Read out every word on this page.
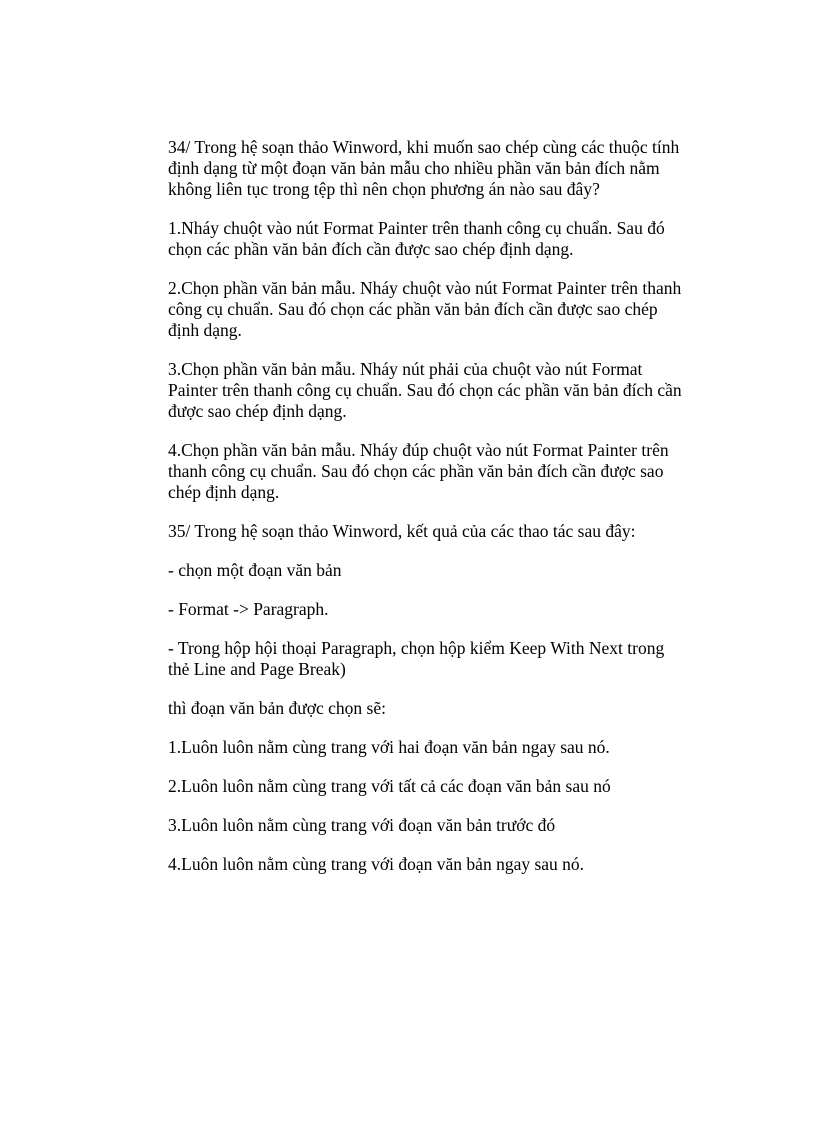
34/ Trong hệ soạn thảo Winword, khi muốn sao chép cùng các thuộc tính định dạng từ một đoạn văn bản mẫu cho nhiều phần văn bản đích nằm không liên tục trong tệp thì nên chọn phương án nào sau đây?

1.Nháy chuột vào nút Format Painter trên thanh công cụ chuẩn. Sau đó chọn các phần văn bản đích cần được sao chép định dạng.

2.Chọn phần văn bản mẫu. Nháy chuột vào nút Format Painter trên thanh công cụ chuẩn. Sau đó chọn các phần văn bản đích cần được sao chép định dạng.

3.Chọn phần văn bản mẫu. Nháy nút phải của chuột vào nút Format Painter trên thanh công cụ chuẩn. Sau đó chọn các phần văn bản đích cần được sao chép định dạng.

4.Chọn phần văn bản mẫu. Nháy đúp chuột vào nút Format Painter trên thanh công cụ chuẩn. Sau đó chọn các phần văn bản đích cần được sao chép định dạng.

35/ Trong hệ soạn thảo Winword, kết quả của các thao tác sau đây:

- chọn một đoạn văn bản

- Format -> Paragraph.

- Trong hộp hội thoại Paragraph, chọn hộp kiểm Keep With Next trong thẻ Line and Page Break)

thì đoạn văn bản được chọn sẽ:

1.Luôn luôn nằm cùng trang với hai đoạn văn bản ngay sau nó.

2.Luôn luôn nằm cùng trang với tất cả các đoạn văn bản sau nó

3.Luôn luôn nằm cùng trang với đoạn văn bản trước đó

4.Luôn luôn nằm cùng trang với đoạn văn bản ngay sau nó.
